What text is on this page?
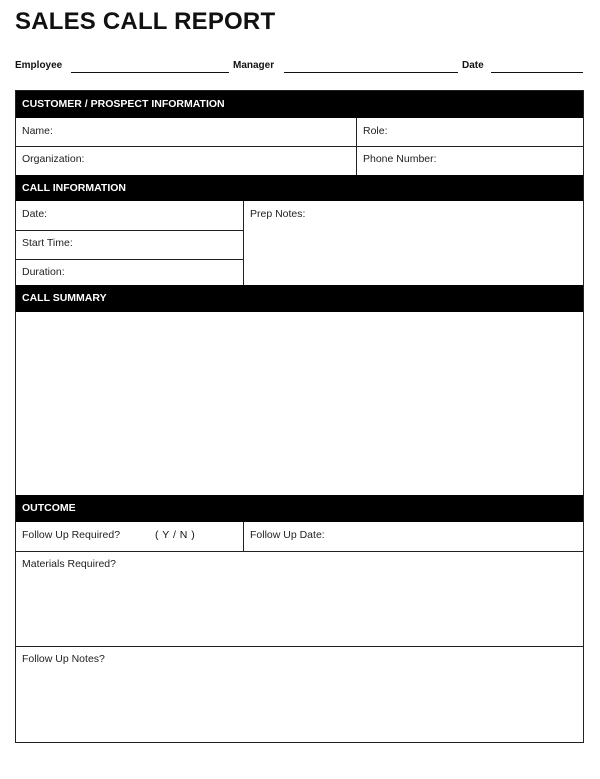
SALES CALL REPORT
Employee	Manager	Date
CUSTOMER / PROSPECT INFORMATION
Name:	Role:
Organization:	Phone Number:
CALL INFORMATION
Date:
Start Time:
Duration:
Prep Notes:
CALL SUMMARY
OUTCOME
Follow Up Required?	( Y / N )	Follow Up Date:
Materials Required?
Follow Up Notes?
